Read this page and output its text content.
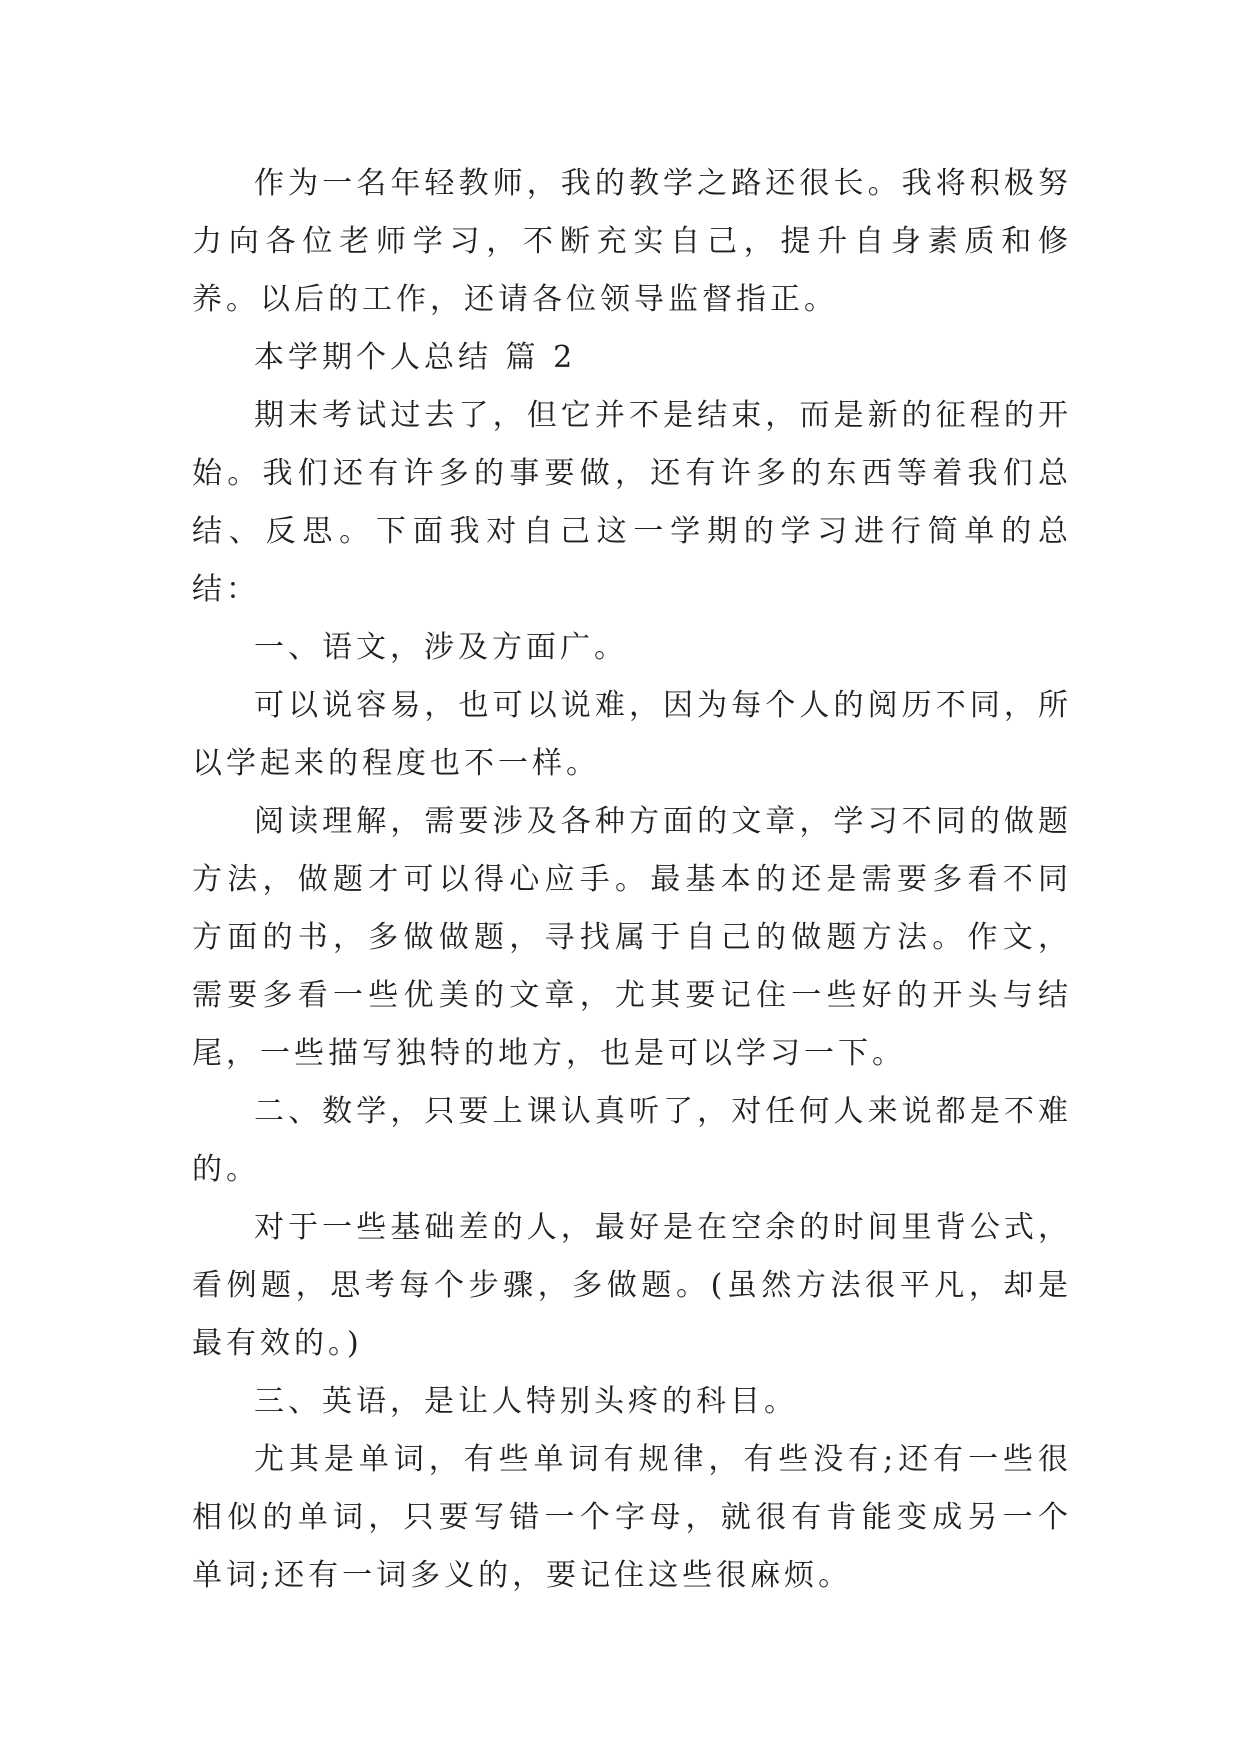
作为一名年轻教师，我的教学之路还很长。我将积极努力向各位老师学习，不断充实自己，提升自身素质和修养。以后的工作，还请各位领导监督指正。

本学期个人总结 篇 2

期末考试过去了，但它并不是结束，而是新的征程的开始。我们还有许多的事要做，还有许多的东西等着我们总结、反思。下面我对自己这一学期的学习进行简单的总结：

一、语文，涉及方面广。

可以说容易，也可以说难，因为每个人的阅历不同，所以学起来的程度也不一样。

阅读理解，需要涉及各种方面的文章，学习不同的做题方法，做题才可以得心应手。最基本的还是需要多看不同方面的书，多做做题，寻找属于自己的做题方法。作文，需要多看一些优美的文章，尤其要记住一些好的开头与结尾，一些描写独特的地方，也是可以学习一下。

二、数学，只要上课认真听了，对任何人来说都是不难的。

对于一些基础差的人，最好是在空余的时间里背公式，看例题，思考每个步骤，多做题。(虽然方法很平凡，却是最有效的。)

三、英语，是让人特别头疼的科目。

尤其是单词，有些单词有规律，有些没有;还有一些很相似的单词，只要写错一个字母，就很有肯能变成另一个单词;还有一词多义的，要记住这些很麻烦。
